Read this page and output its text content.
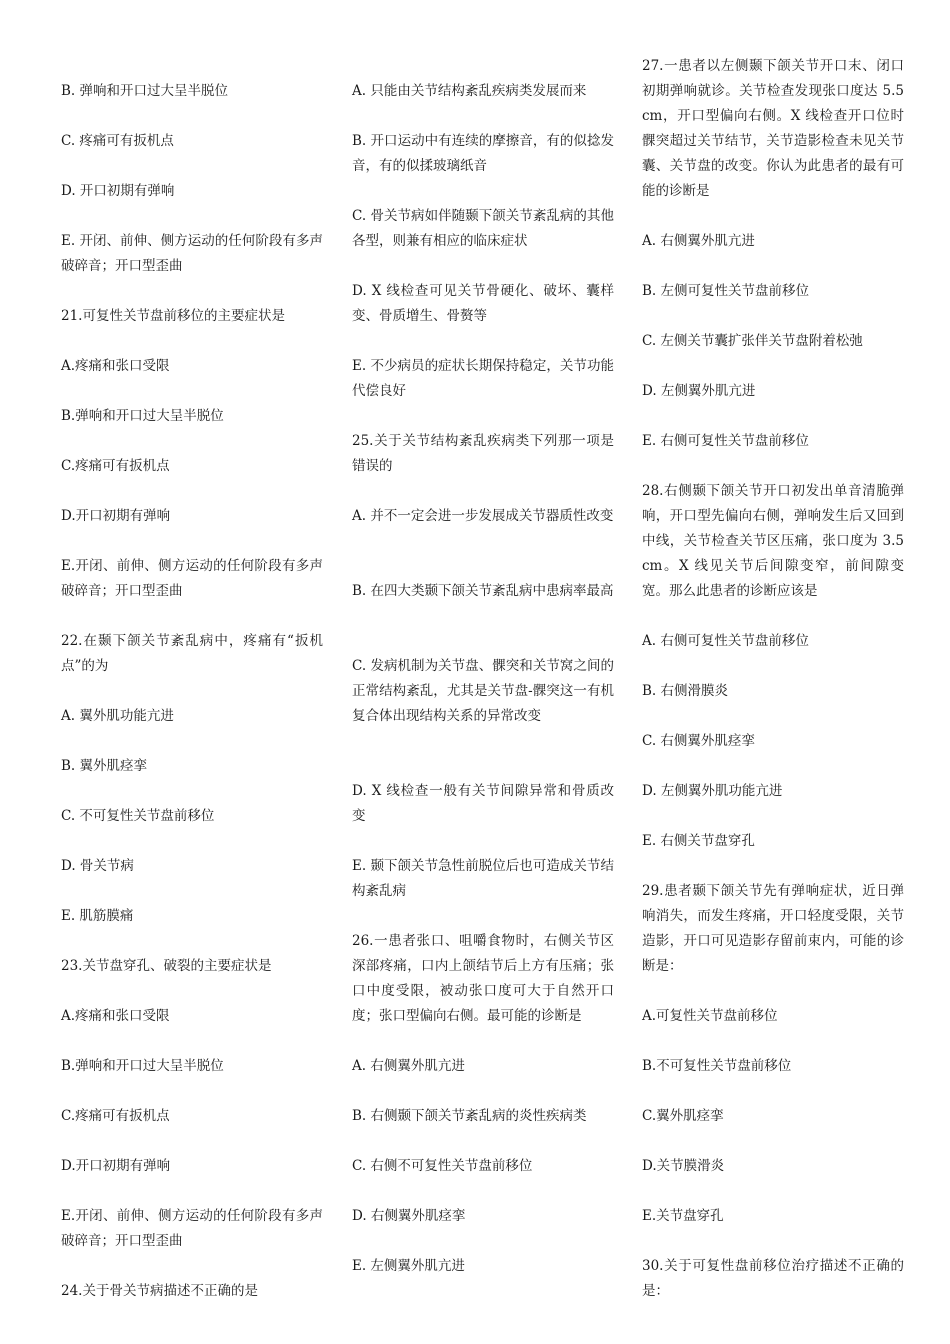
B. 弹响和开口过大呈半脱位

C. 疼痛可有扳机点

D. 开口初期有弹响

E. 开闭、前伸、侧方运动的任何阶段有多声破碎音；开口型歪曲

21.可复性关节盘前移位的主要症状是

A.疼痛和张口受限

B.弹响和开口过大呈半脱位

C.疼痛可有扳机点

D.开口初期有弹响

E.开闭、前伸、侧方运动的任何阶段有多声破碎音；开口型歪曲

22.在颞下颌关节紊乱病中，疼痛有“扳机点”的为

A. 翼外肌功能亢进

B. 翼外肌痉挛

C. 不可复性关节盘前移位

D. 骨关节病

E. 肌筋膜痛

23.关节盘穿孔、破裂的主要症状是

A.疼痛和张口受限

B.弹响和开口过大呈半脱位

C.疼痛可有扳机点

D.开口初期有弹响

E.开闭、前伸、侧方运动的任何阶段有多声破碎音；开口型歪曲

24.关于骨关节病描述不正确的是

A. 只能由关节结构紊乱疾病类发展而来

B. 开口运动中有连续的摩擦音，有的似捻发音，有的似揉玻璃纸音

C. 骨关节病如伴随颞下颌关节紊乱病的其他各型，则兼有相应的临床症状

D. X 线检查可见关节骨硬化、破坏、囊样变、骨质增生、骨赘等

E. 不少病员的症状长期保持稳定，关节功能代偿良好

25.关于关节结构紊乱疾病类下列那一项是错误的

A. 并不一定会进一步发展成关节器质性改变

B. 在四大类颞下颌关节紊乱病中患病率最高

C. 发病机制为关节盘、髁突和关节窝之间的正常结构紊乱，尤其是关节盘-髁突这一有机复合体出现结构关系的异常改变

D. X 线检查一般有关节间隙异常和骨质改变

E. 颞下颌关节急性前脱位后也可造成关节结构紊乱病

26.一患者张口、咀嚼食物时，右侧关节区深部疼痛，口内上颌结节后上方有压痛；张口中度受限，被动张口度可大于自然开口度；张口型偏向右侧。最可能的诊断是

A. 右侧翼外肌亢进

B. 右侧颞下颌关节紊乱病的炎性疾病类

C. 右侧不可复性关节盘前移位

D. 右侧翼外肌痉挛

E. 左侧翼外肌亢进

27.一患者以左侧颞下颌关节开口末、闭口初期弹响就诊。关节检查发现张口度达 5.5cm，开口型偏向右侧。X 线检查开口位时髁突超过关节结节，关节造影检查未见关节囊、关节盘的改变。你认为此患者的最有可能的诊断是

A. 右侧翼外肌亢进

B. 左侧可复性关节盘前移位

C. 左侧关节囊扩张伴关节盘附着松弛

D. 左侧翼外肌亢进

E. 右侧可复性关节盘前移位

28.右侧颞下颌关节开口初发出单音清脆弹响，开口型先偏向右侧，弹响发生后又回到中线，关节检查关节区压痛，张口度为 3.5cm。X 线见关节后间隙变窄，前间隙变宽。那么此患者的诊断应该是

A. 右侧可复性关节盘前移位

B. 右侧滑膜炎

C. 右侧翼外肌痉挛

D. 左侧翼外肌功能亢进

E. 右侧关节盘穿孔

29.患者颞下颌关节先有弹响症状，近日弹响消失，而发生疼痛，开口轻度受限，关节造影，开口可见造影存留前束内，可能的诊断是：

A.可复性关节盘前移位

B.不可复性关节盘前移位

C.翼外肌痉挛

D.关节膜滑炎

E.关节盘穿孔

30.关于可复性盘前移位治疗描述不正确的是：
